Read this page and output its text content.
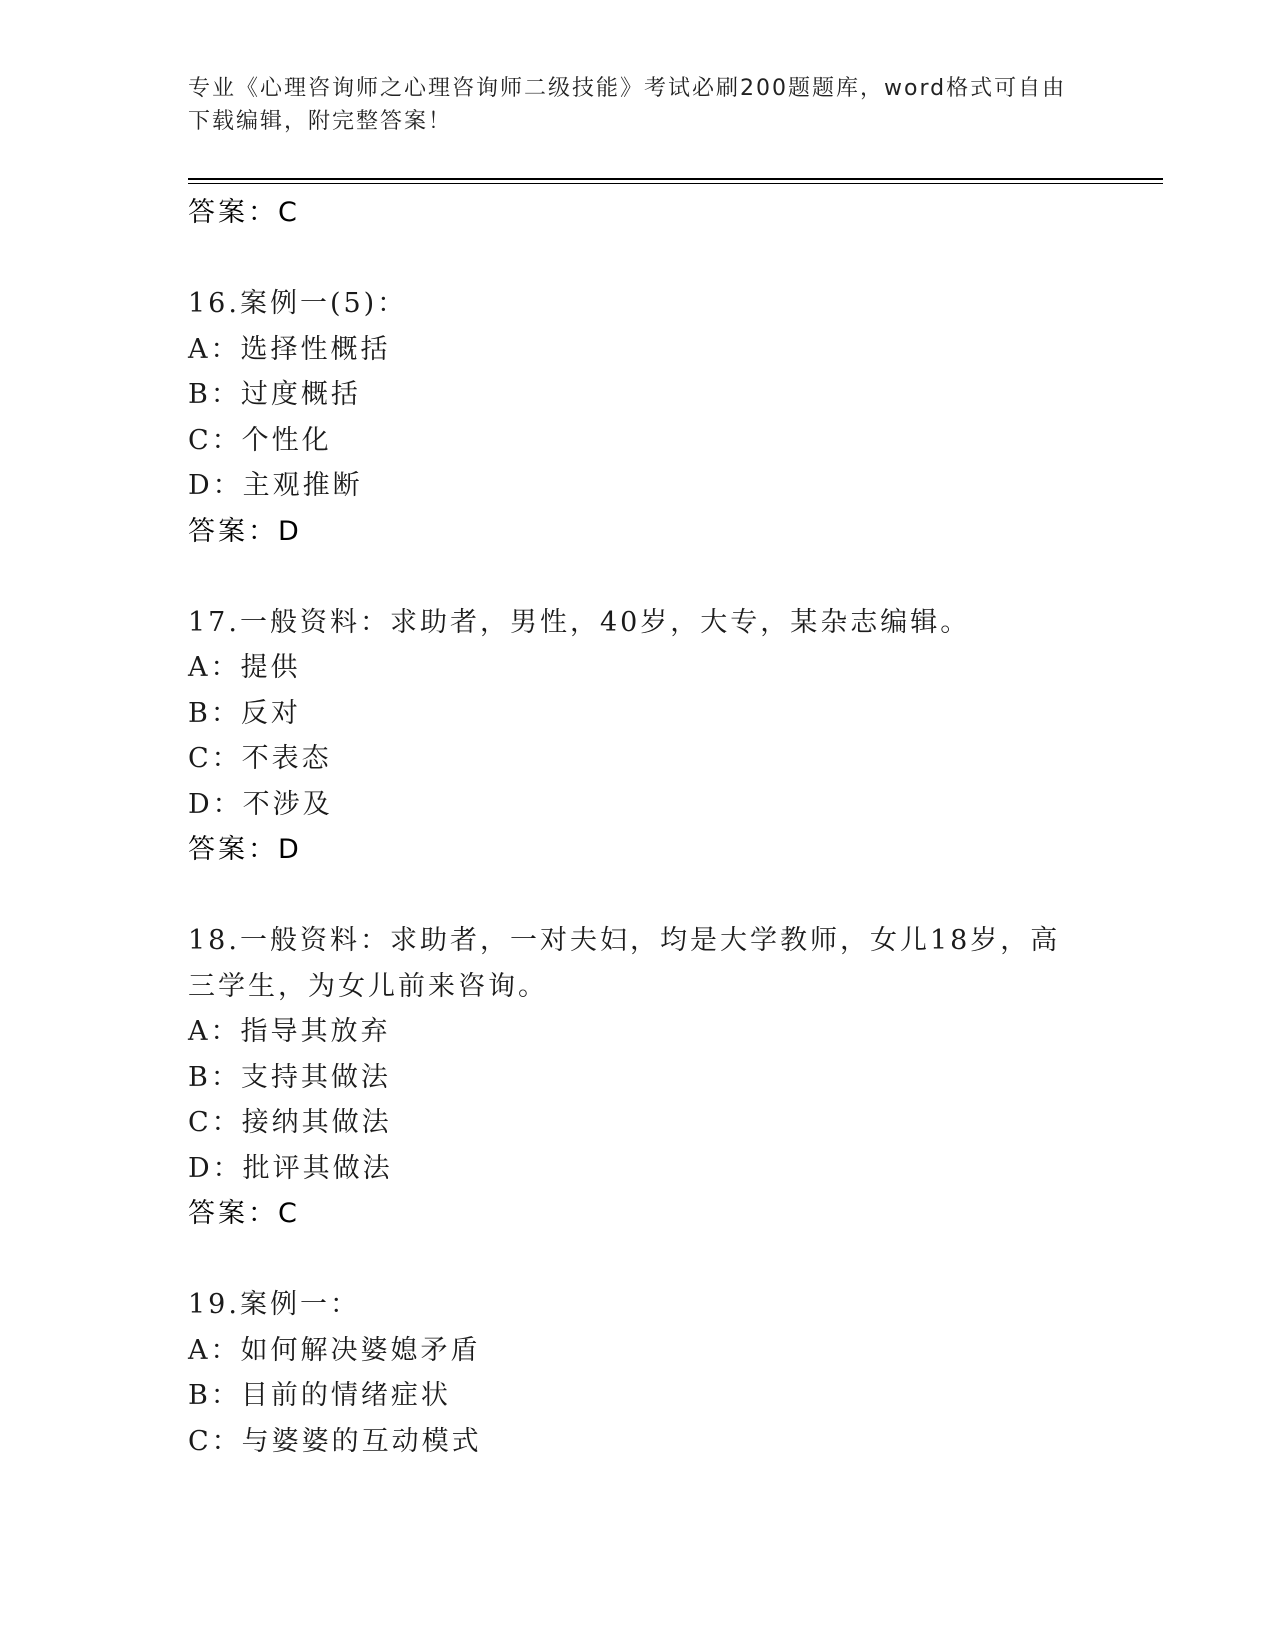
专业《心理咨询师之心理咨询师二级技能》考试必刷200题题库，word格式可自由下载编辑，附完整答案！
答案：C
16.案例一(5)：
A：选择性概括
B：过度概括
C：个性化
D：主观推断
答案：D
17.一般资料：求助者，男性，40岁，大专，某杂志编辑。
A：提供
B：反对
C：不表态
D：不涉及
答案：D
18.一般资料：求助者，一对夫妇，均是大学教师，女儿18岁，高三学生，为女儿前来咨询。
A：指导其放弃
B：支持其做法
C：接纳其做法
D：批评其做法
答案：C
19.案例一：
A：如何解决婆媳矛盾
B：目前的情绪症状
C：与婆婆的互动模式
